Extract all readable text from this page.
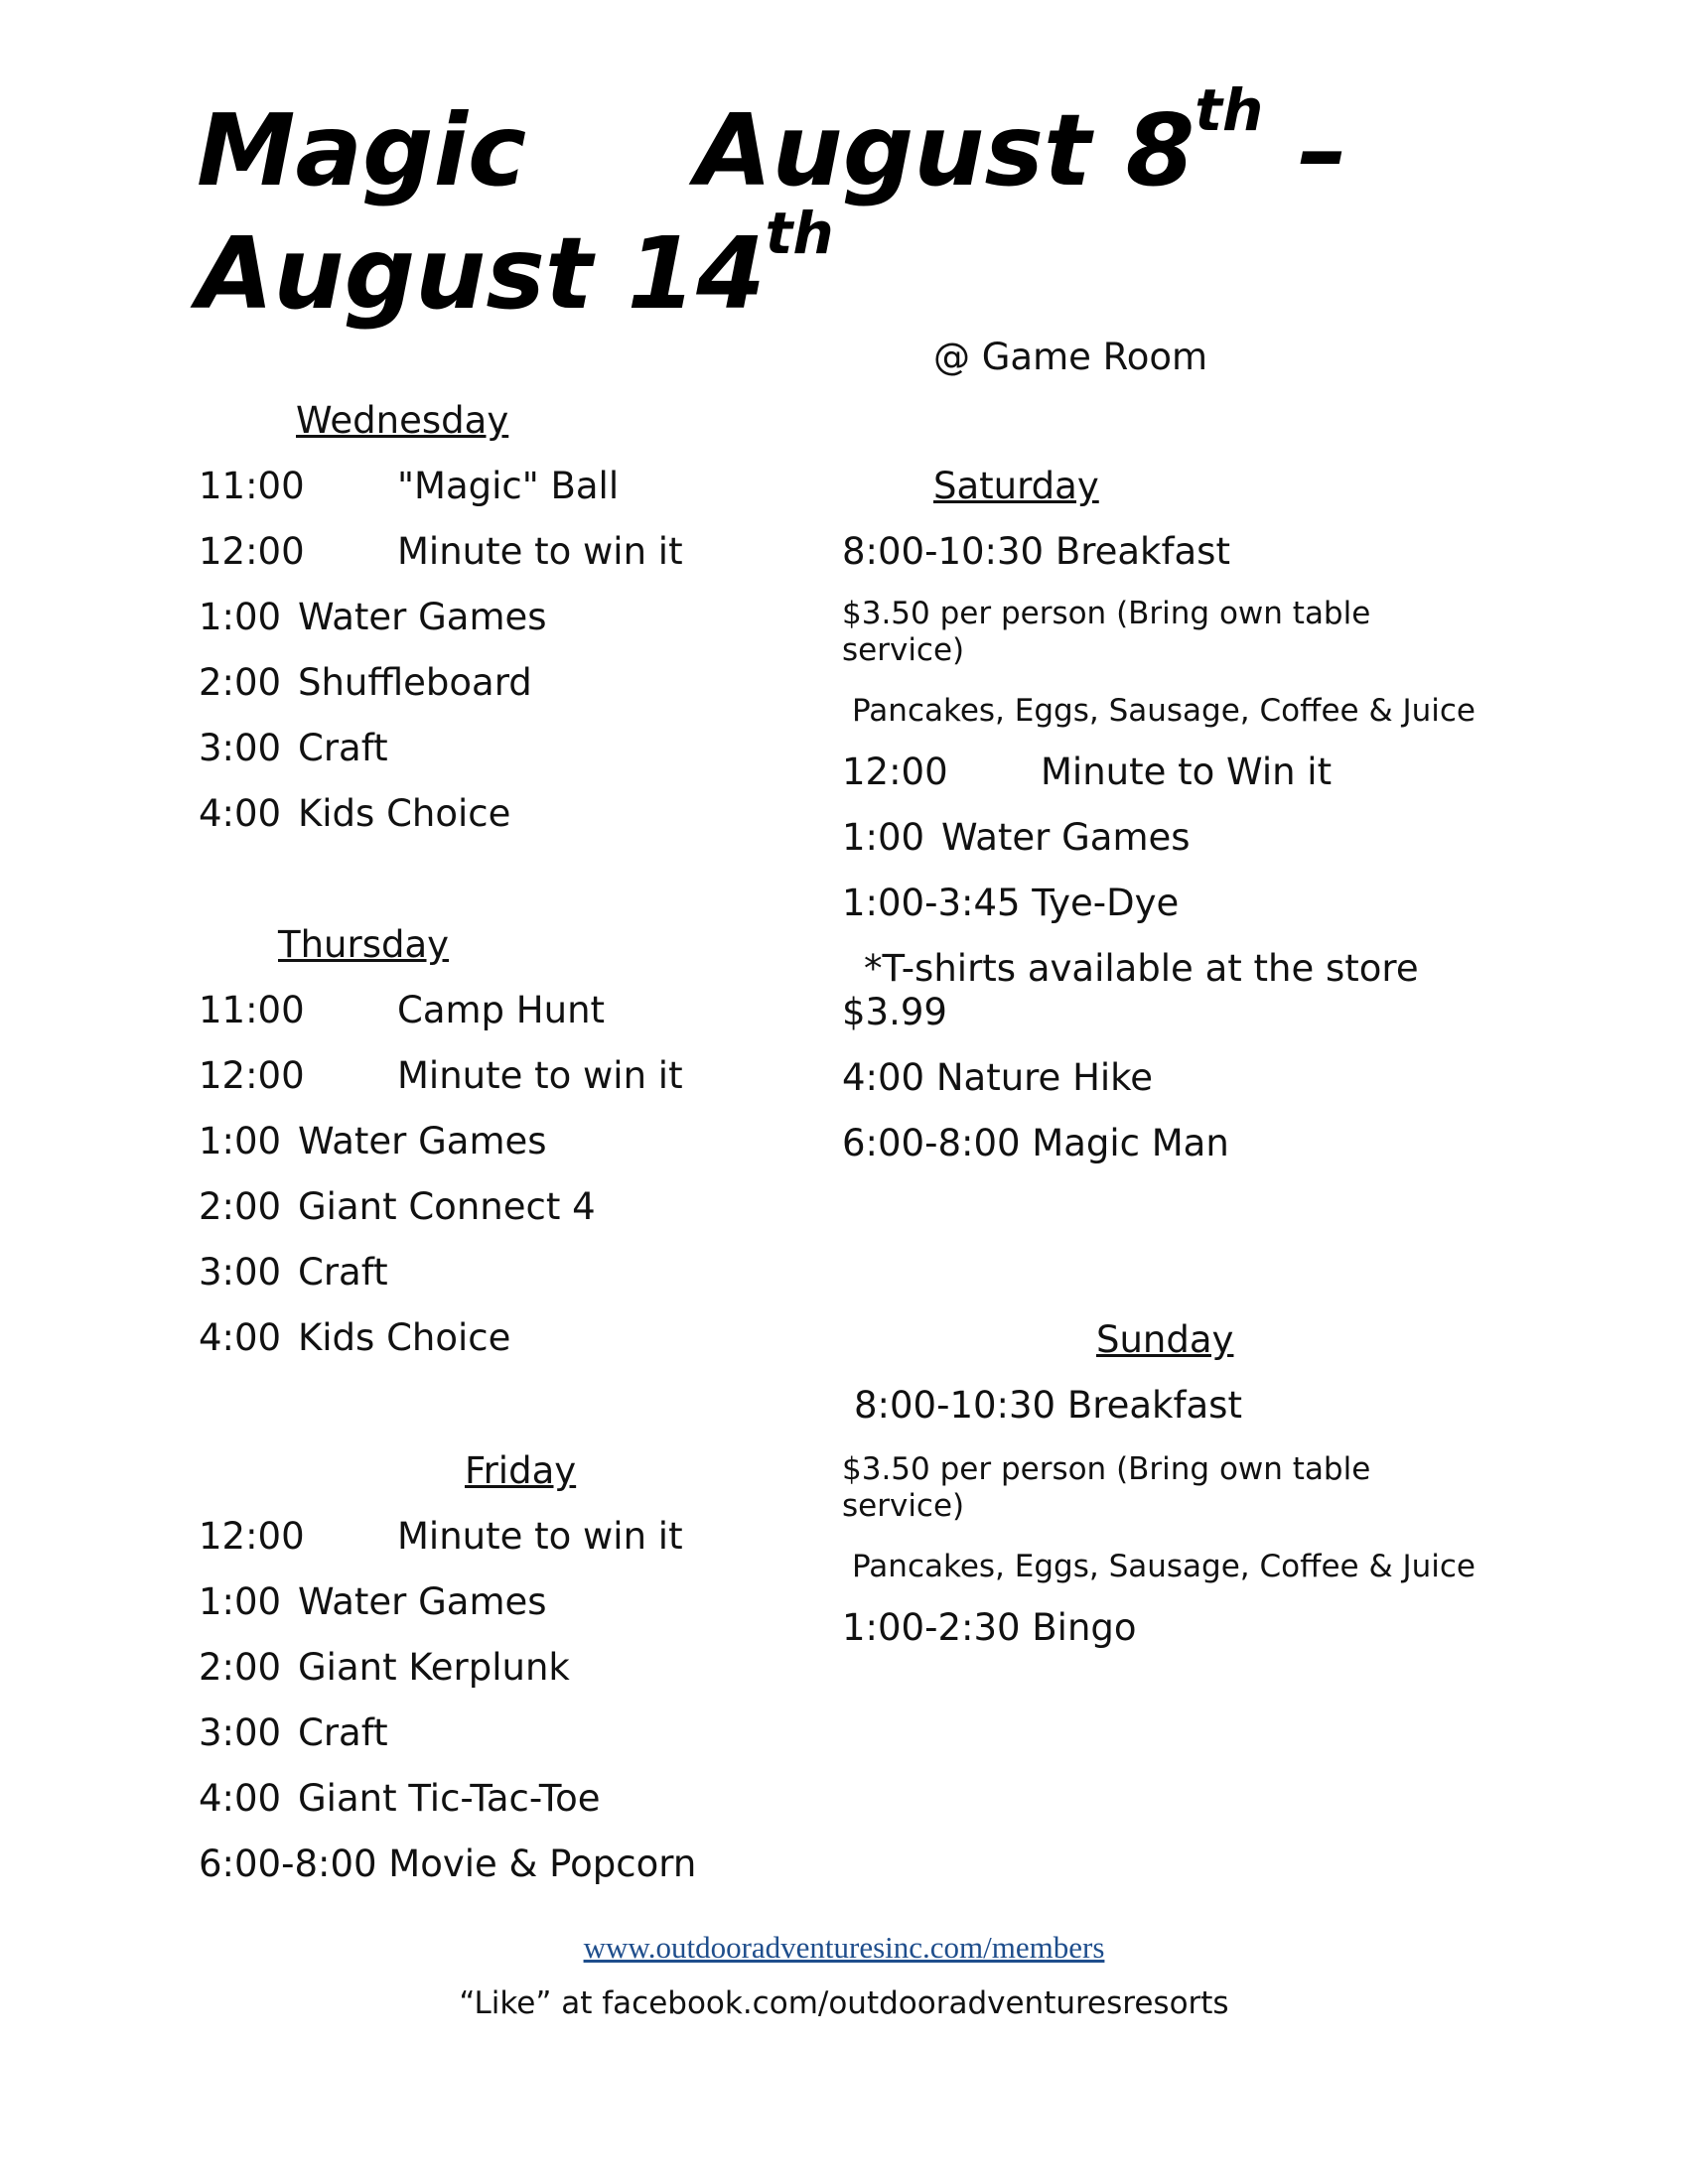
Magic August 8th –
August 14th
@ Game Room
Wednesday
11:00	"Magic" Ball
12:00	Minute to win it
1:00 Water Games
2:00 Shuffleboard
3:00 Craft
4:00 Kids Choice
Thursday
11:00	Camp Hunt
12:00	Minute to win it
1:00 Water Games
2:00 Giant Connect 4
3:00 Craft
4:00 Kids Choice
Friday
12:00	Minute to win it
1:00 Water Games
2:00 Giant Kerplunk
3:00 Craft
4:00 Giant Tic-Tac-Toe
6:00-8:00 Movie & Popcorn
Saturday
8:00-10:30 Breakfast
$3.50 per person (Bring own table service)
Pancakes, Eggs, Sausage, Coffee & Juice
12:00	Minute to Win it
1:00 Water Games
1:00-3:45 Tye-Dye
*T-shirts available at the store
$3.99
4:00 Nature Hike
6:00-8:00 Magic Man
Sunday
8:00-10:30 Breakfast
$3.50 per person (Bring own table service)
Pancakes, Eggs, Sausage, Coffee & Juice
1:00-2:30 Bingo
www.outdooradventuresinc.com/members
“Like” at facebook.com/outdooradventuresresorts
